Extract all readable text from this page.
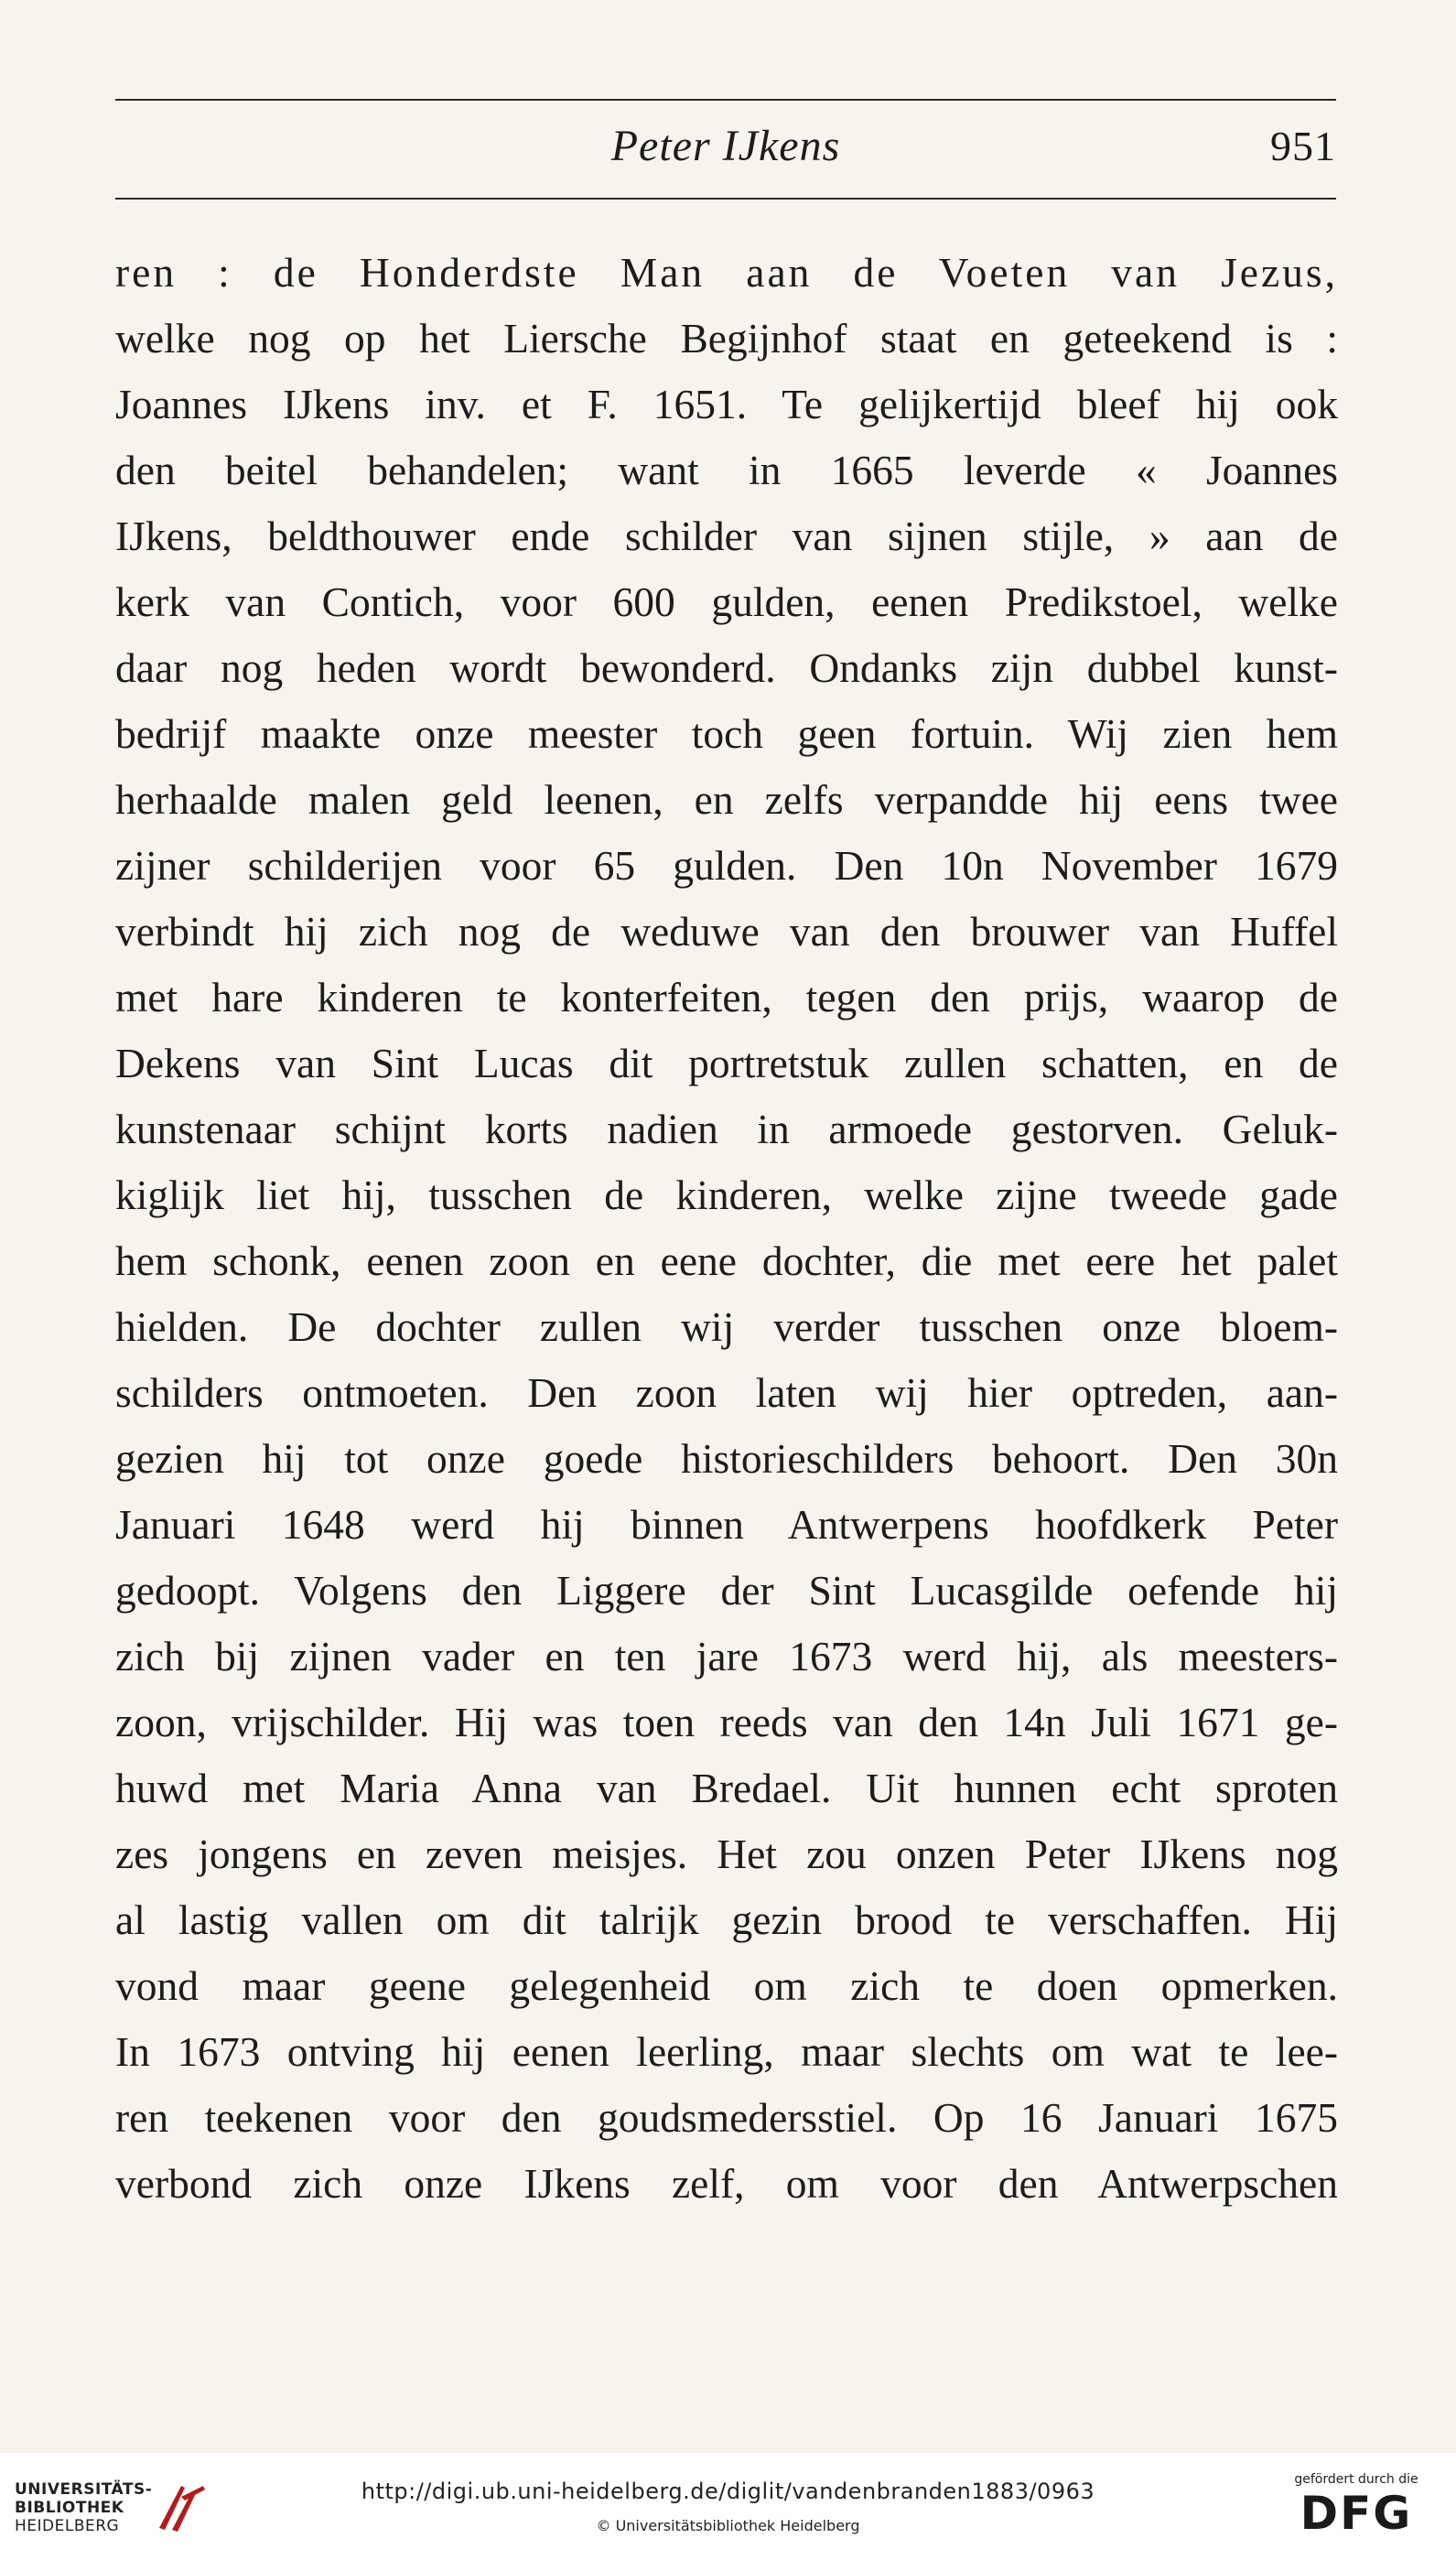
Peter IJkens	951
ren : de Honderdste Man aan de Voeten van Jezus,
welke nog op het Liersche Begijnhof staat en geteekend is :
Joannes IJkens inv. et F. 1651. Te gelijkertijd bleef hij ook
den beitel behandelen; want in 1665 leverde « Joannes
IJkens, beldthouwer ende schilder van sijnen stijle, » aan de
kerk van Contich, voor 600 gulden, eenen Predikstoel, welke
daar nog heden wordt bewonderd. Ondanks zijn dubbel kunst-
bedrijf maakte onze meester toch geen fortuin. Wij zien hem
herhaalde malen geld leenen, en zelfs verpandde hij eens twee
zijner schilderijen voor 65 gulden. Den 10n November 1679
verbindt hij zich nog de weduwe van den brouwer van Huffel
met hare kinderen te konterfeiten, tegen den prijs, waarop de
Dekens van Sint Lucas dit portretstuk zullen schatten, en de
kunstenaar schijnt korts nadien in armoede gestorven. Geluk-
kiglijk liet hij, tusschen de kinderen, welke zijne tweede gade
hem schonk, eenen zoon en eene dochter, die met eere het palet
hielden. De dochter zullen wij verder tusschen onze bloem-
schilders ontmoeten. Den zoon laten wij hier optreden, aan-
gezien hij tot onze goede historieschilders behoort. Den 30n
Januari 1648 werd hij binnen Antwerpens hoofdkerk Peter
gedoopt. Volgens den Liggere der Sint Lucasgilde oefende hij
zich bij zijnen vader en ten jare 1673 werd hij, als meesters-
zoon, vrijschilder. Hij was toen reeds van den 14n Juli 1671 ge-
huwd met Maria Anna van Bredael. Uit hunnen echt sproten
zes jongens en zeven meisjes. Het zou onzen Peter IJkens nog
al lastig vallen om dit talrijk gezin brood te verschaffen. Hij
vond maar geene gelegenheid om zich te doen opmerken.
In 1673 ontving hij eenen leerling, maar slechts om wat te lee-
ren teekenen voor den goudsmedersstiel. Op 16 Januari 1675
verbond zich onze IJkens zelf, om voor den Antwerpschen
UNIVERSITÄTS-
BIBLIOTHEK
HEIDELBERG
http://digi.ub.uni-heidelberg.de/diglit/vandenbranden1883/0963
© Universitätsbibliothek Heidelberg
gefördert durch die
DFG
